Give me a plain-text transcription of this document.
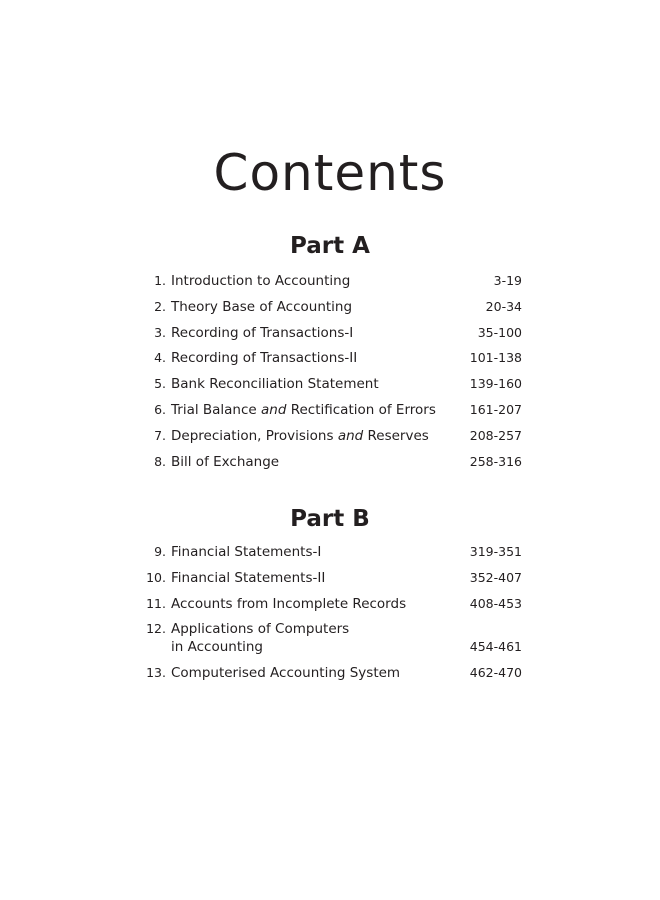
Contents
Part A
1. Introduction to Accounting	3-19
2. Theory Base of Accounting	20-34
3. Recording of Transactions-I	35-100
4. Recording of Transactions-II	101-138
5. Bank Reconciliation Statement	139-160
6. Trial Balance and Rectification of Errors	161-207
7. Depreciation, Provisions and Reserves	208-257
8. Bill of Exchange	258-316
Part B
9. Financial Statements-I	319-351
10. Financial Statements-II	352-407
11. Accounts from Incomplete Records	408-453
12. Applications of Computers
in Accounting	454-461
13. Computerised Accounting System	462-470
